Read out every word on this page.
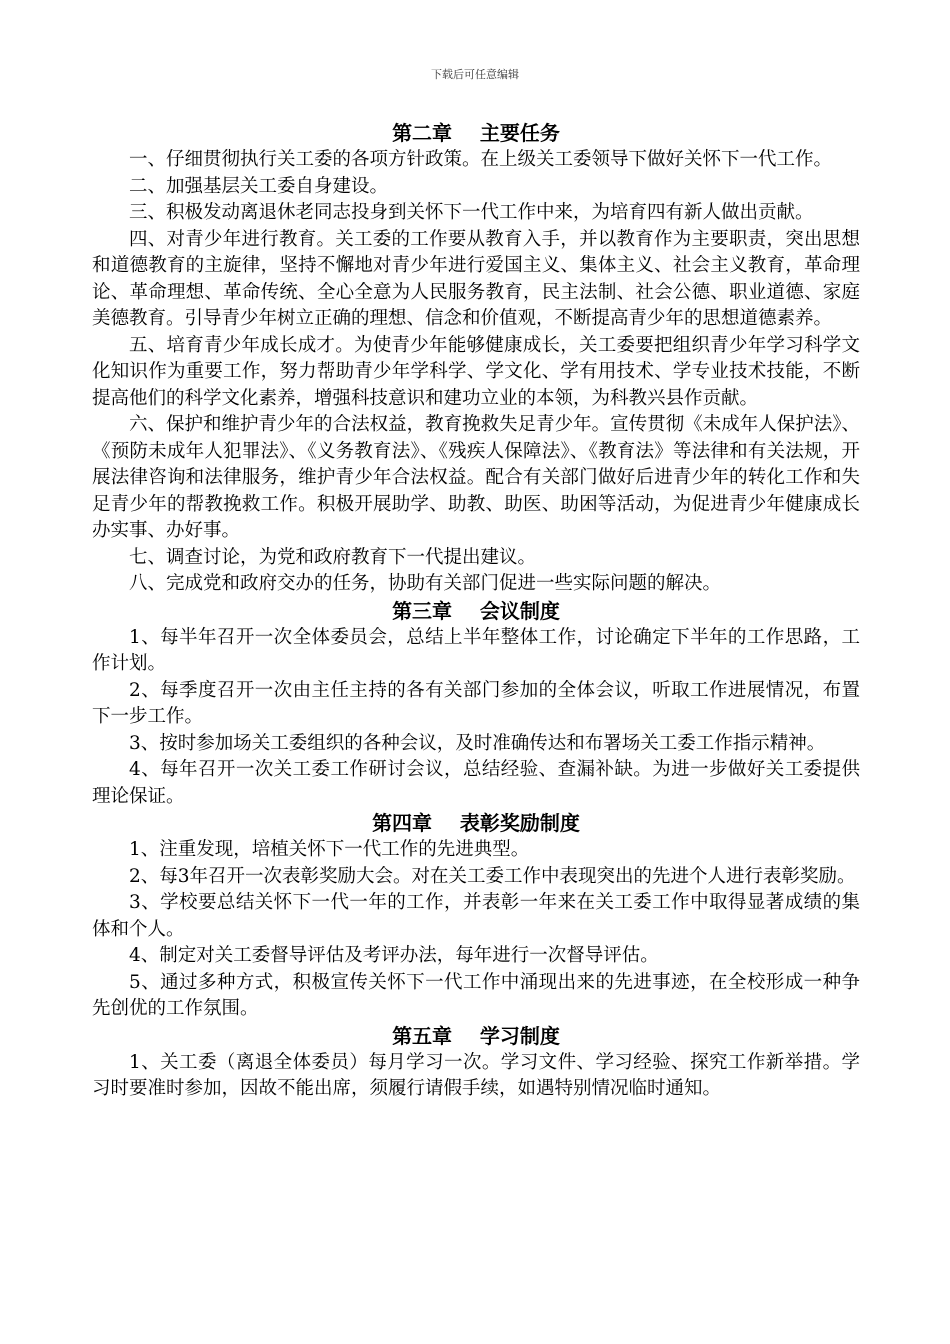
下载后可任意编辑
第二章    主要任务

一、仔细贯彻执行关工委的各项方针政策。在上级关工委领导下做好关怀下一代工作。

二、加强基层关工委自身建设。

三、积极发动离退休老同志投身到关怀下一代工作中来，为培育四有新人做出贡献。

四、对青少年进行教育。关工委的工作要从教育入手，并以教育作为主要职责，突出思想和道德教育的主旋律，坚持不懈地对青少年进行爱国主义、集体主义、社会主义教育，革命理论、革命理想、革命传统、全心全意为人民服务教育，民主法制、社会公德、职业道德、家庭美德教育。引导青少年树立正确的理想、信念和价值观，不断提高青少年的思想道德素养。

五、培育青少年成长成才。为使青少年能够健康成长，关工委要把组织青少年学习科学文化知识作为重要工作，努力帮助青少年学科学、学文化、学有用技术、学专业技术技能，不断提高他们的科学文化素养，增强科技意识和建功立业的本领，为科教兴县作贡献。

六、保护和维护青少年的合法权益，教育挽救失足青少年。宣传贯彻《未成年人保护法》、《预防未成年人犯罪法》、《义务教育法》、《残疾人保障法》、《教育法》等法律和有关法规，开展法律咨询和法律服务，维护青少年合法权益。配合有关部门做好后进青少年的转化工作和失足青少年的帮教挽救工作。积极开展助学、助教、助医、助困等活动，为促进青少年健康成长办实事、办好事。

七、调查讨论，为党和政府教育下一代提出建议。

八、完成党和政府交办的任务，协助有关部门促进一些实际问题的解决。

第三章    会议制度

1、每半年召开一次全体委员会，总结上半年整体工作，讨论确定下半年的工作思路，工作计划。

2、每季度召开一次由主任主持的各有关部门参加的全体会议，听取工作进展情况，布置下一步工作。

3、按时参加场关工委组织的各种会议，及时准确传达和布署场关工委工作指示精神。

4、每年召开一次关工委工作研讨会议，总结经验、查漏补缺。为进一步做好关工委提供理论保证。

第四章    表彰奖励制度

1、注重发现，培植关怀下一代工作的先进典型。

2、每3年召开一次表彰奖励大会。对在关工委工作中表现突出的先进个人进行表彰奖励。

3、学校要总结关怀下一代一年的工作，并表彰一年来在关工委工作中取得显著成绩的集体和个人。

4、制定对关工委督导评估及考评办法，每年进行一次督导评估。

5、通过多种方式，积极宣传关怀下一代工作中涌现出来的先进事迹，在全校形成一种争先创优的工作氛围。

第五章    学习制度

1、关工委（离退全体委员）每月学习一次。学习文件、学习经验、探究工作新举措。学习时要准时参加，因故不能出席，须履行请假手续，如遇特别情况临时通知。
